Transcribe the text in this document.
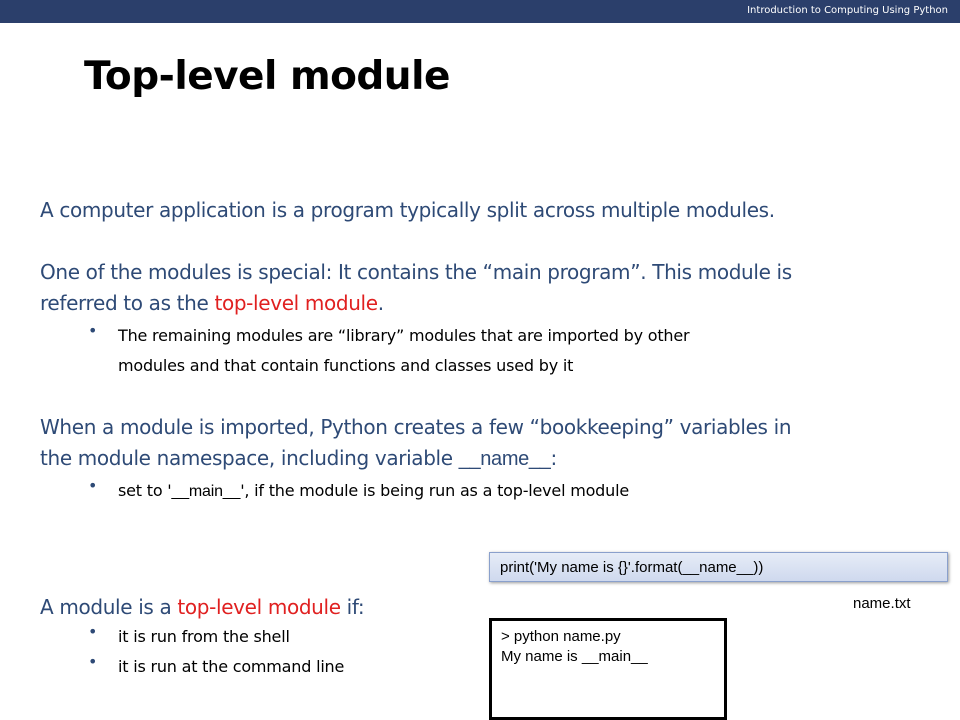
Introduction to Computing Using Python
Top-level module

A computer application is a program typically split across multiple modules.

One of the modules is special: It contains the “main program”. This module is
referred to as the top-level module.

• The remaining modules are “library” modules that are imported by other
modules and that contain functions and classes used by it

When a module is imported, Python creates a few “bookkeeping” variables in
the module namespace, including variable __name__:

• set to '__main__', if the module is being run as a top-level module

A module is a top-level module if:

• it is run from the shell
• it is run at the command line
print('My name is {}'.format(__name__))
name.txt
> python name.py
My name is __main__
